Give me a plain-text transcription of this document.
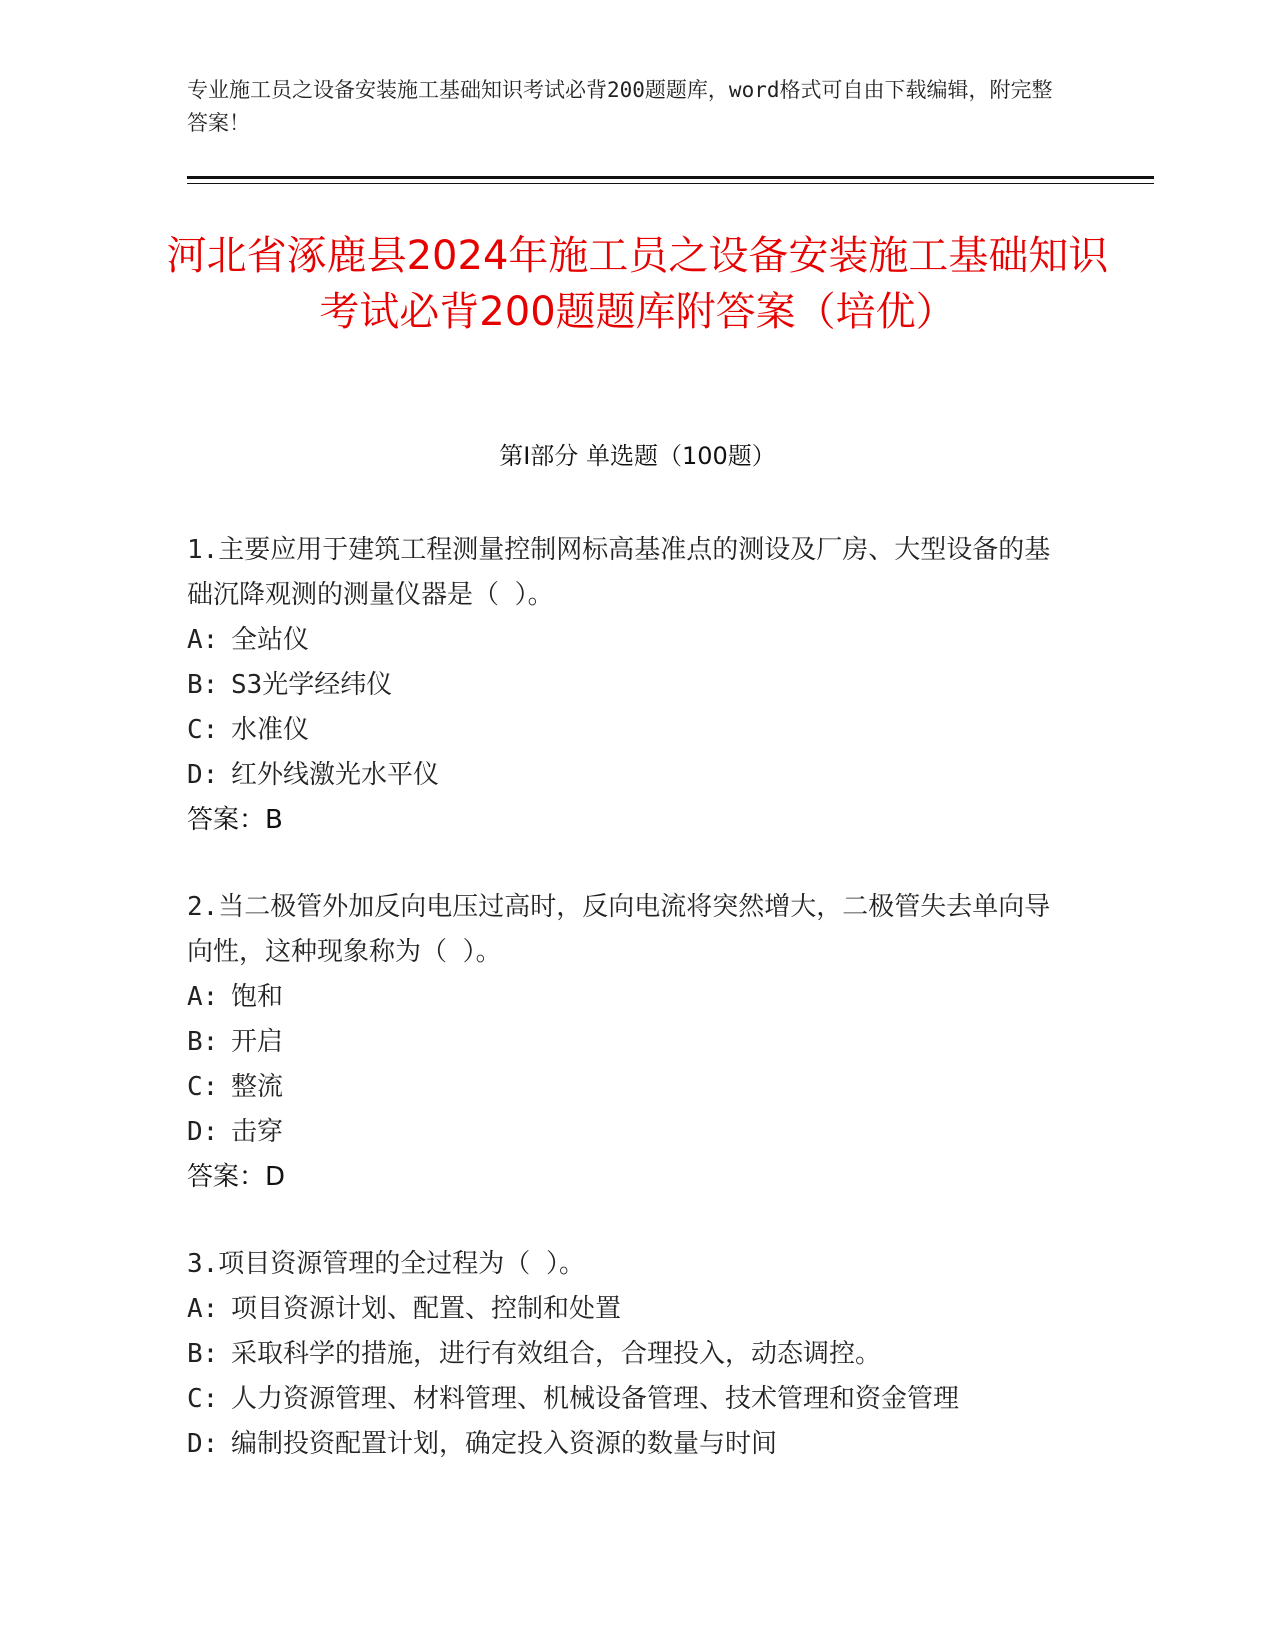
专业施工员之设备安装施工基础知识考试必背200题题库，word格式可自由下载编辑，附完整答案！
河北省涿鹿县2024年施工员之设备安装施工基础知识考试必背200题题库附答案（培优）
第I部分 单选题（100题）
1.主要应用于建筑工程测量控制网标高基准点的测设及厂房、大型设备的基础沉降观测的测量仪器是（ ）。
A: 全站仪
B: S3光学经纬仪
C: 水准仪
D: 红外线激光水平仪
答案：B
2.当二极管外加反向电压过高时，反向电流将突然增大，二极管失去单向导向性，这种现象称为（ ）。
A: 饱和
B: 开启
C: 整流
D: 击穿
答案：D
3.项目资源管理的全过程为（ ）。
A: 项目资源计划、配置、控制和处置
B: 采取科学的措施，进行有效组合，合理投入，动态调控。
C: 人力资源管理、材料管理、机械设备管理、技术管理和资金管理
D: 编制投资配置计划，确定投入资源的数量与时间
